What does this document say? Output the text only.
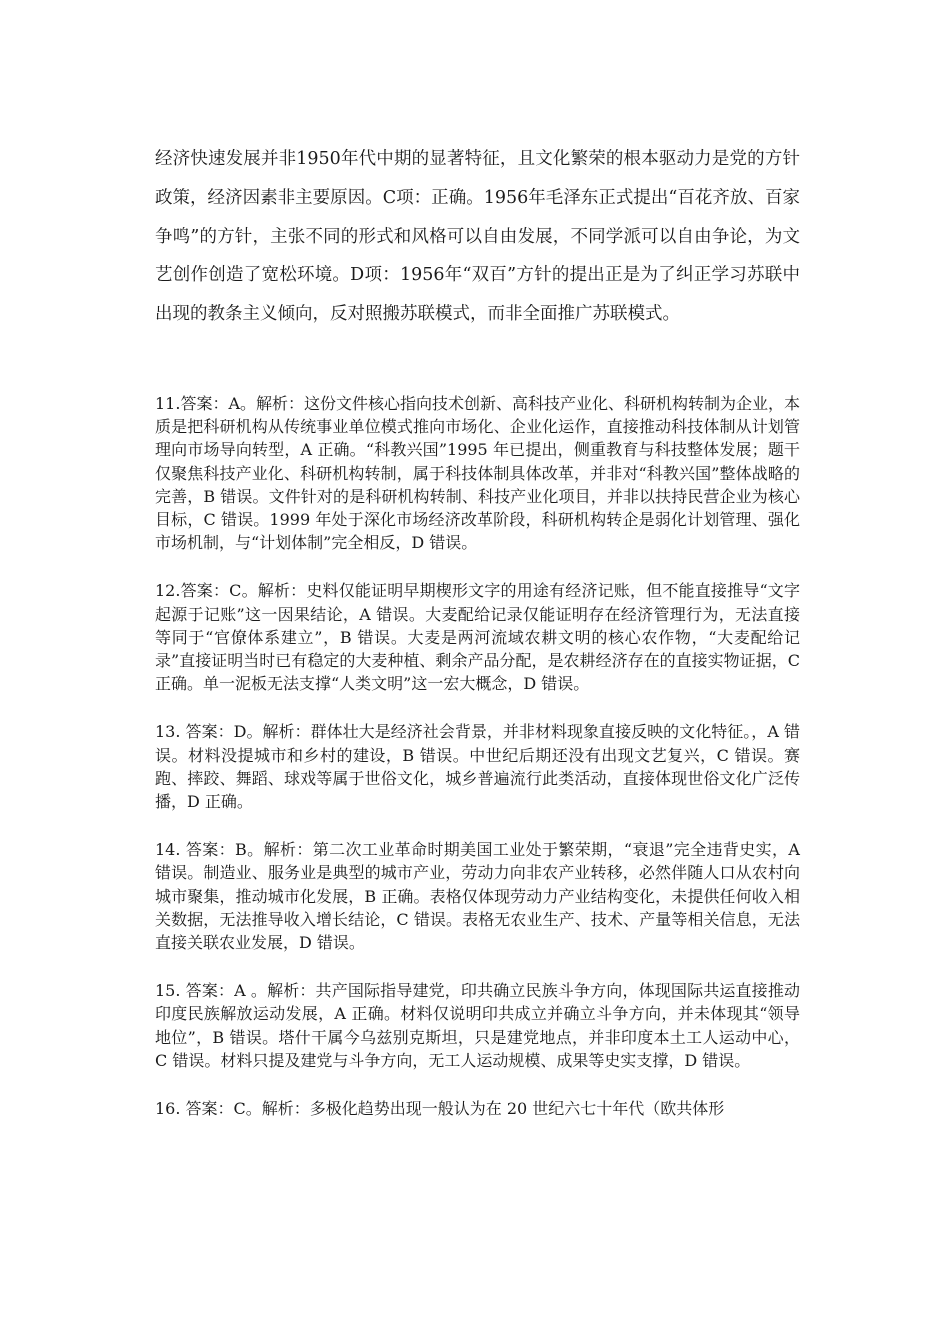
经济快速发展并非1950年代中期的显著特征，且文化繁荣的根本驱动力是党的方针政策，经济因素非主要原因。C项：正确。1956年毛泽东正式提出“百花齐放、百家争鸣”的方针，主张不同的形式和风格可以自由发展，不同学派可以自由争论，为文艺创作创造了宽松环境。D项：1956年“双百”方针的提出正是为了纠正学习苏联中出现的教条主义倾向，反对照搬苏联模式，而非全面推广苏联模式。

11.答案：A。解析：这份文件核心指向技术创新、高科技产业化、科研机构转制为企业，本质是把科研机构从传统事业单位模式推向市场化、企业化运作，直接推动科技体制从计划管理向市场导向转型，A 正确。“科教兴国”1995 年已提出，侧重教育与科技整体发展；题干仅聚焦科技产业化、科研机构转制，属于科技体制具体改革，并非对“科教兴国”整体战略的完善，B 错误。文件针对的是科研机构转制、科技产业化项目，并非以扶持民营企业为核心目标，C 错误。1999 年处于深化市场经济改革阶段，科研机构转企是弱化计划管理、强化市场机制，与“计划体制”完全相反，D 错误。

12.答案：C。解析：史料仅能证明早期楔形文字的用途有经济记账，但不能直接推导“文字起源于记账”这一因果结论，A 错误。大麦配给记录仅能证明存在经济管理行为，无法直接等同于“官僚体系建立”，B 错误。大麦是两河流域农耕文明的核心农作物，“大麦配给记录”直接证明当时已有稳定的大麦种植、剩余产品分配，是农耕经济存在的直接实物证据，C 正确。单一泥板无法支撑“人类文明”这一宏大概念，D 错误。

13. 答案：D。解析：群体壮大是经济社会背景，并非材料现象直接反映的文化特征。，A 错误。材料没提城市和乡村的建设，B 错误。中世纪后期还没有出现文艺复兴，C 错误。赛跑、摔跤、舞蹈、球戏等属于世俗文化，城乡普遍流行此类活动，直接体现世俗文化广泛传播，D 正确。

14. 答案：B。解析：第二次工业革命时期美国工业处于繁荣期，“衰退”完全违背史实，A 错误。制造业、服务业是典型的城市产业，劳动力向非农产业转移，必然伴随人口从农村向城市聚集，推动城市化发展，B 正确。表格仅体现劳动力产业结构变化，未提供任何收入相关数据，无法推导收入增长结论，C 错误。表格无农业生产、技术、产量等相关信息，无法直接关联农业发展，D 错误。

15. 答案：A 。解析：共产国际指导建党，印共确立民族斗争方向，体现国际共运直接推动印度民族解放运动发展，A 正确。材料仅说明印共成立并确立斗争方向，并未体现其“领导地位”，B 错误。塔什干属今乌兹别克斯坦，只是建党地点，并非印度本土工人运动中心，C 错误。材料只提及建党与斗争方向，无工人运动规模、成果等史实支撑，D 错误。

16. 答案：C。解析：多极化趋势出现一般认为在 20 世纪六七十年代（欧共体形
